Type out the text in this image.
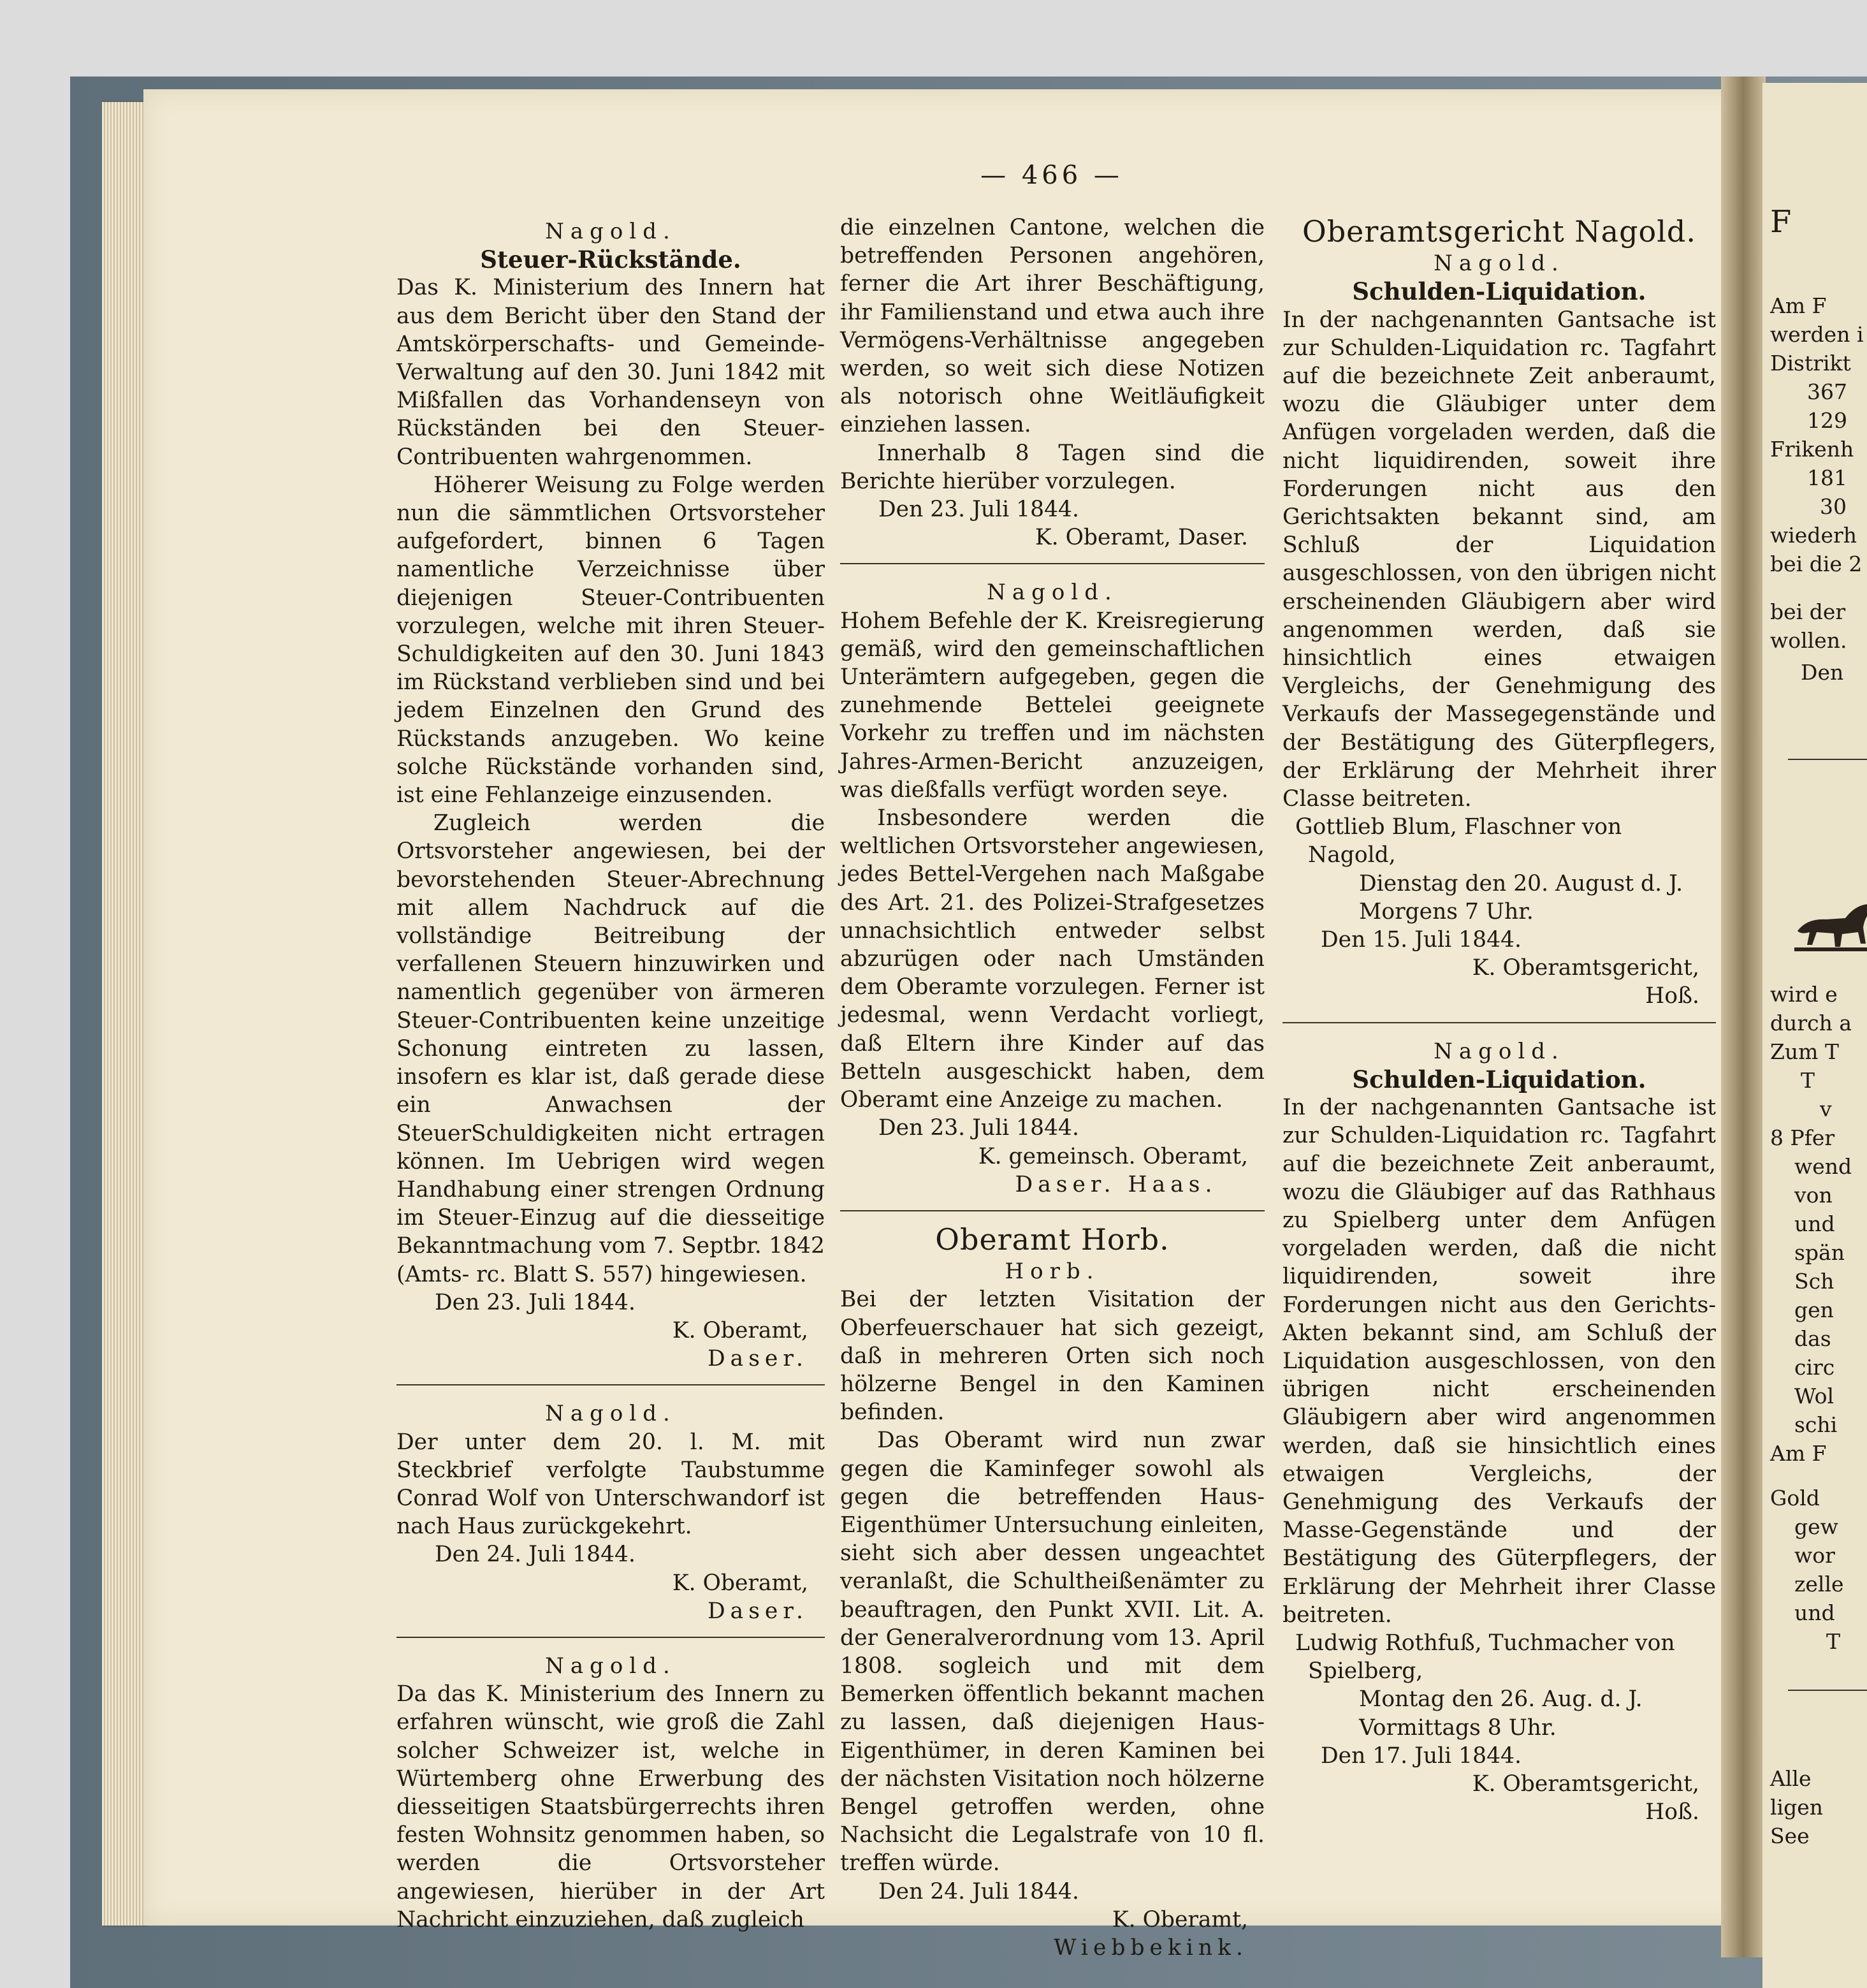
— 466 —

Nagold.

Steuer-Rückstände.

Das K. Ministerium des Innern hat aus dem Bericht über den Stand der Amtskörperschafts- und Gemeinde-Verwaltung auf den 30. Juni 1842 mit Mißfallen das Vorhandenseyn von Rückständen bei den Steuer-Contribuenten wahrgenommen.

Höherer Weisung zu Folge werden nun die sämmtlichen Ortsvorsteher aufgefordert, binnen 6 Tagen namentliche Verzeichnisse über diejenigen Steuer-Contribuenten vorzulegen, welche mit ihren Steuer-Schuldigkeiten auf den 30. Juni 1843 im Rückstand verblieben sind und bei jedem Einzelnen den Grund des Rückstands anzugeben. Wo keine solche Rückstände vorhanden sind, ist eine Fehlanzeige einzusenden.

Zugleich werden die Ortsvorsteher angewiesen, bei der bevorstehenden Steuer-Abrechnung mit allem Nachdruck auf die vollständige Beitreibung der verfallenen Steuern hinzuwirken und namentlich gegenüber von ärmeren Steuer-Contribuenten keine unzeitige Schonung eintreten zu lassen, insofern es klar ist, daß gerade diese ein Anwachsen der SteuerSchuldigkeiten nicht ertragen können. Im Uebrigen wird wegen Handhabung einer strengen Ordnung im Steuer-Einzug auf die diesseitige Bekanntmachung vom 7. Septbr. 1842 (Amts- rc. Blatt S. 557) hingewiesen.

Den 23. Juli 1844.

K. Oberamt,

Daser.

Nagold.

Der unter dem 20. l. M. mit Steckbrief verfolgte Taubstumme Conrad Wolf von Unterschwandorf ist nach Haus zurückgekehrt.

Den 24. Juli 1844.

K. Oberamt,

Daser.

Nagold.

Da das K. Ministerium des Innern zu erfahren wünscht, wie groß die Zahl solcher Schweizer ist, welche in Würtemberg ohne Erwerbung des diesseitigen Staatsbürgerrechts ihren festen Wohnsitz genommen haben, so werden die Ortsvorsteher angewiesen, hierüber in der Art Nachricht einzuziehen, daß zugleich

die einzelnen Cantone, welchen die betreffenden Personen angehören, ferner die Art ihrer Beschäftigung, ihr Familienstand und etwa auch ihre Vermögens-Verhältnisse angegeben werden, so weit sich diese Notizen als notorisch ohne Weitläufigkeit einziehen lassen.

Innerhalb 8 Tagen sind die Berichte hierüber vorzulegen.

Den 23. Juli 1844.

K. Oberamt, Daser.

Nagold.

Hohem Befehle der K. Kreisregierung gemäß, wird den gemeinschaftlichen Unterämtern aufgegeben, gegen die zunehmende Bettelei geeignete Vorkehr zu treffen und im nächsten Jahres-Armen-Bericht anzuzeigen, was dießfalls verfügt worden seye.

Insbesondere werden die weltlichen Ortsvorsteher angewiesen, jedes Bettel-Vergehen nach Maßgabe des Art. 21. des Polizei-Strafgesetzes unnachsichtlich entweder selbst abzurügen oder nach Umständen dem Oberamte vorzulegen. Ferner ist jedesmal, wenn Verdacht vorliegt, daß Eltern ihre Kinder auf das Betteln ausgeschickt haben, dem Oberamt eine Anzeige zu machen.

Den 23. Juli 1844.

K. gemeinsch. Oberamt,

Daser. Haas.

Oberamt Horb.

Horb.

Bei der letzten Visitation der Oberfeuerschauer hat sich gezeigt, daß in mehreren Orten sich noch hölzerne Bengel in den Kaminen befinden.

Das Oberamt wird nun zwar gegen die Kaminfeger sowohl als gegen die betreffenden Haus-Eigenthümer Untersuchung einleiten, sieht sich aber dessen ungeachtet veranlaßt, die Schultheißenämter zu beauftragen, den Punkt XVII. Lit. A. der Generalverordnung vom 13. April 1808. sogleich und mit dem Bemerken öffentlich bekannt machen zu lassen, daß diejenigen Haus-Eigenthümer, in deren Kaminen bei der nächsten Visitation noch hölzerne Bengel getroffen werden, ohne Nachsicht die Legalstrafe von 10 fl. treffen würde.

Den 24. Juli 1844.

K. Oberamt,

Wiebbekink.

Oberamtsgericht Nagold.

Nagold.

Schulden-Liquidation.

In der nachgenannten Gantsache ist zur Schulden-Liquidation rc. Tagfahrt auf die bezeichnete Zeit anberaumt, wozu die Gläubiger unter dem Anfügen vorgeladen werden, daß die nicht liquidirenden, soweit ihre Forderungen nicht aus den Gerichtsakten bekannt sind, am Schluß der Liquidation ausgeschlossen, von den übrigen nicht erscheinenden Gläubigern aber wird angenommen werden, daß sie hinsichtlich eines etwaigen Vergleichs, der Genehmigung des Verkaufs der Massegegenstände und der Bestätigung des Güterpflegers, der Erklärung der Mehrheit ihrer Classe beitreten.

Gottlieb Blum, Flaschner von Nagold,

Dienstag den 20. August d. J.

Morgens 7 Uhr.

Den 15. Juli 1844.

K. Oberamtsgericht,

Hoß.

Nagold.

Schulden-Liquidation.

In der nachgenannten Gantsache ist zur Schulden-Liquidation rc. Tagfahrt auf die bezeichnete Zeit anberaumt, wozu die Gläubiger auf das Rathhaus zu Spielberg unter dem Anfügen vorgeladen werden, daß die nicht liquidirenden, soweit ihre Forderungen nicht aus den Gerichts-Akten bekannt sind, am Schluß der Liquidation ausgeschlossen, von den übrigen nicht erscheinenden Gläubigern aber wird angenommen werden, daß sie hinsichtlich eines etwaigen Vergleichs, der Genehmigung des Verkaufs der Masse-Gegenstände und der Bestätigung des Güterpflegers, der Erklärung der Mehrheit ihrer Classe beitreten.

Ludwig Rothfuß, Tuchmacher von Spielberg,

Montag den 26. Aug. d. J.

Vormittags 8 Uhr.

Den 17. Juli 1844.

K. Oberamtsgericht,

Hoß.

F
Am F
werden i
Distrikt
367
129
Frikenh
181
30
wiederh
bei die 2
bei der
wollen.
Den
wird e
durch a
Zum T
T
v
8 Pfer
wend
von
und
spän
Sch
gen
das
circ
Wol
schi
Am F
Gold
gew
wor
zelle
und
T
Alle
ligen
See
